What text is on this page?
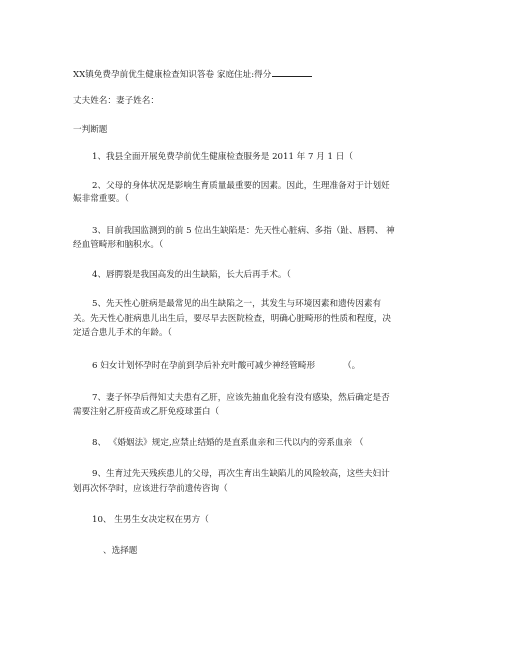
XX镇免费孕前优生健康检查知识答卷 家庭住址:得分
丈夫姓名：妻子姓名：
一判断题
1、我县全面开展免费孕前优生健康检查服务是 2011 年 7 月 1 日（
2、父母的身体状况是影响生育质量最重要的因素。因此，生理准备对于计划妊
娠非常重要。（
3、目前我国监测到的前 5 位出生缺陷是：先天性心脏病、多指（趾、唇腭、 神
经血管畸形和脑积水。（
4、唇腭裂是我国高发的出生缺陷，长大后再手术。（
5、先天性心脏病是最常见的出生缺陷之一，其发生与环境因素和遗传因素有
关。先天性心脏病患儿出生后，要尽早去医院检查，明确心脏畸形的性质和程度，决
定适合患儿手术的年龄。（
6 妇女计划怀孕时在孕前到孕后补充叶酸可减少神经管畸形	（。
7、妻子怀孕后得知丈夫患有乙肝，应该先抽血化验有没有感染，然后确定是否
需要注射乙肝疫苗或乙肝免疫球蛋白（
8、 《婚姻法》规定,应禁止结婚的是直系血亲和三代以内的旁系血亲 （
9、生育过先天残疾患儿的父母，再次生育出生缺陷儿的风险较高，这些夫妇计
划再次怀孕时，应该进行孕前遗传咨询（
10、 生男生女决定权在男方（
、选择题
